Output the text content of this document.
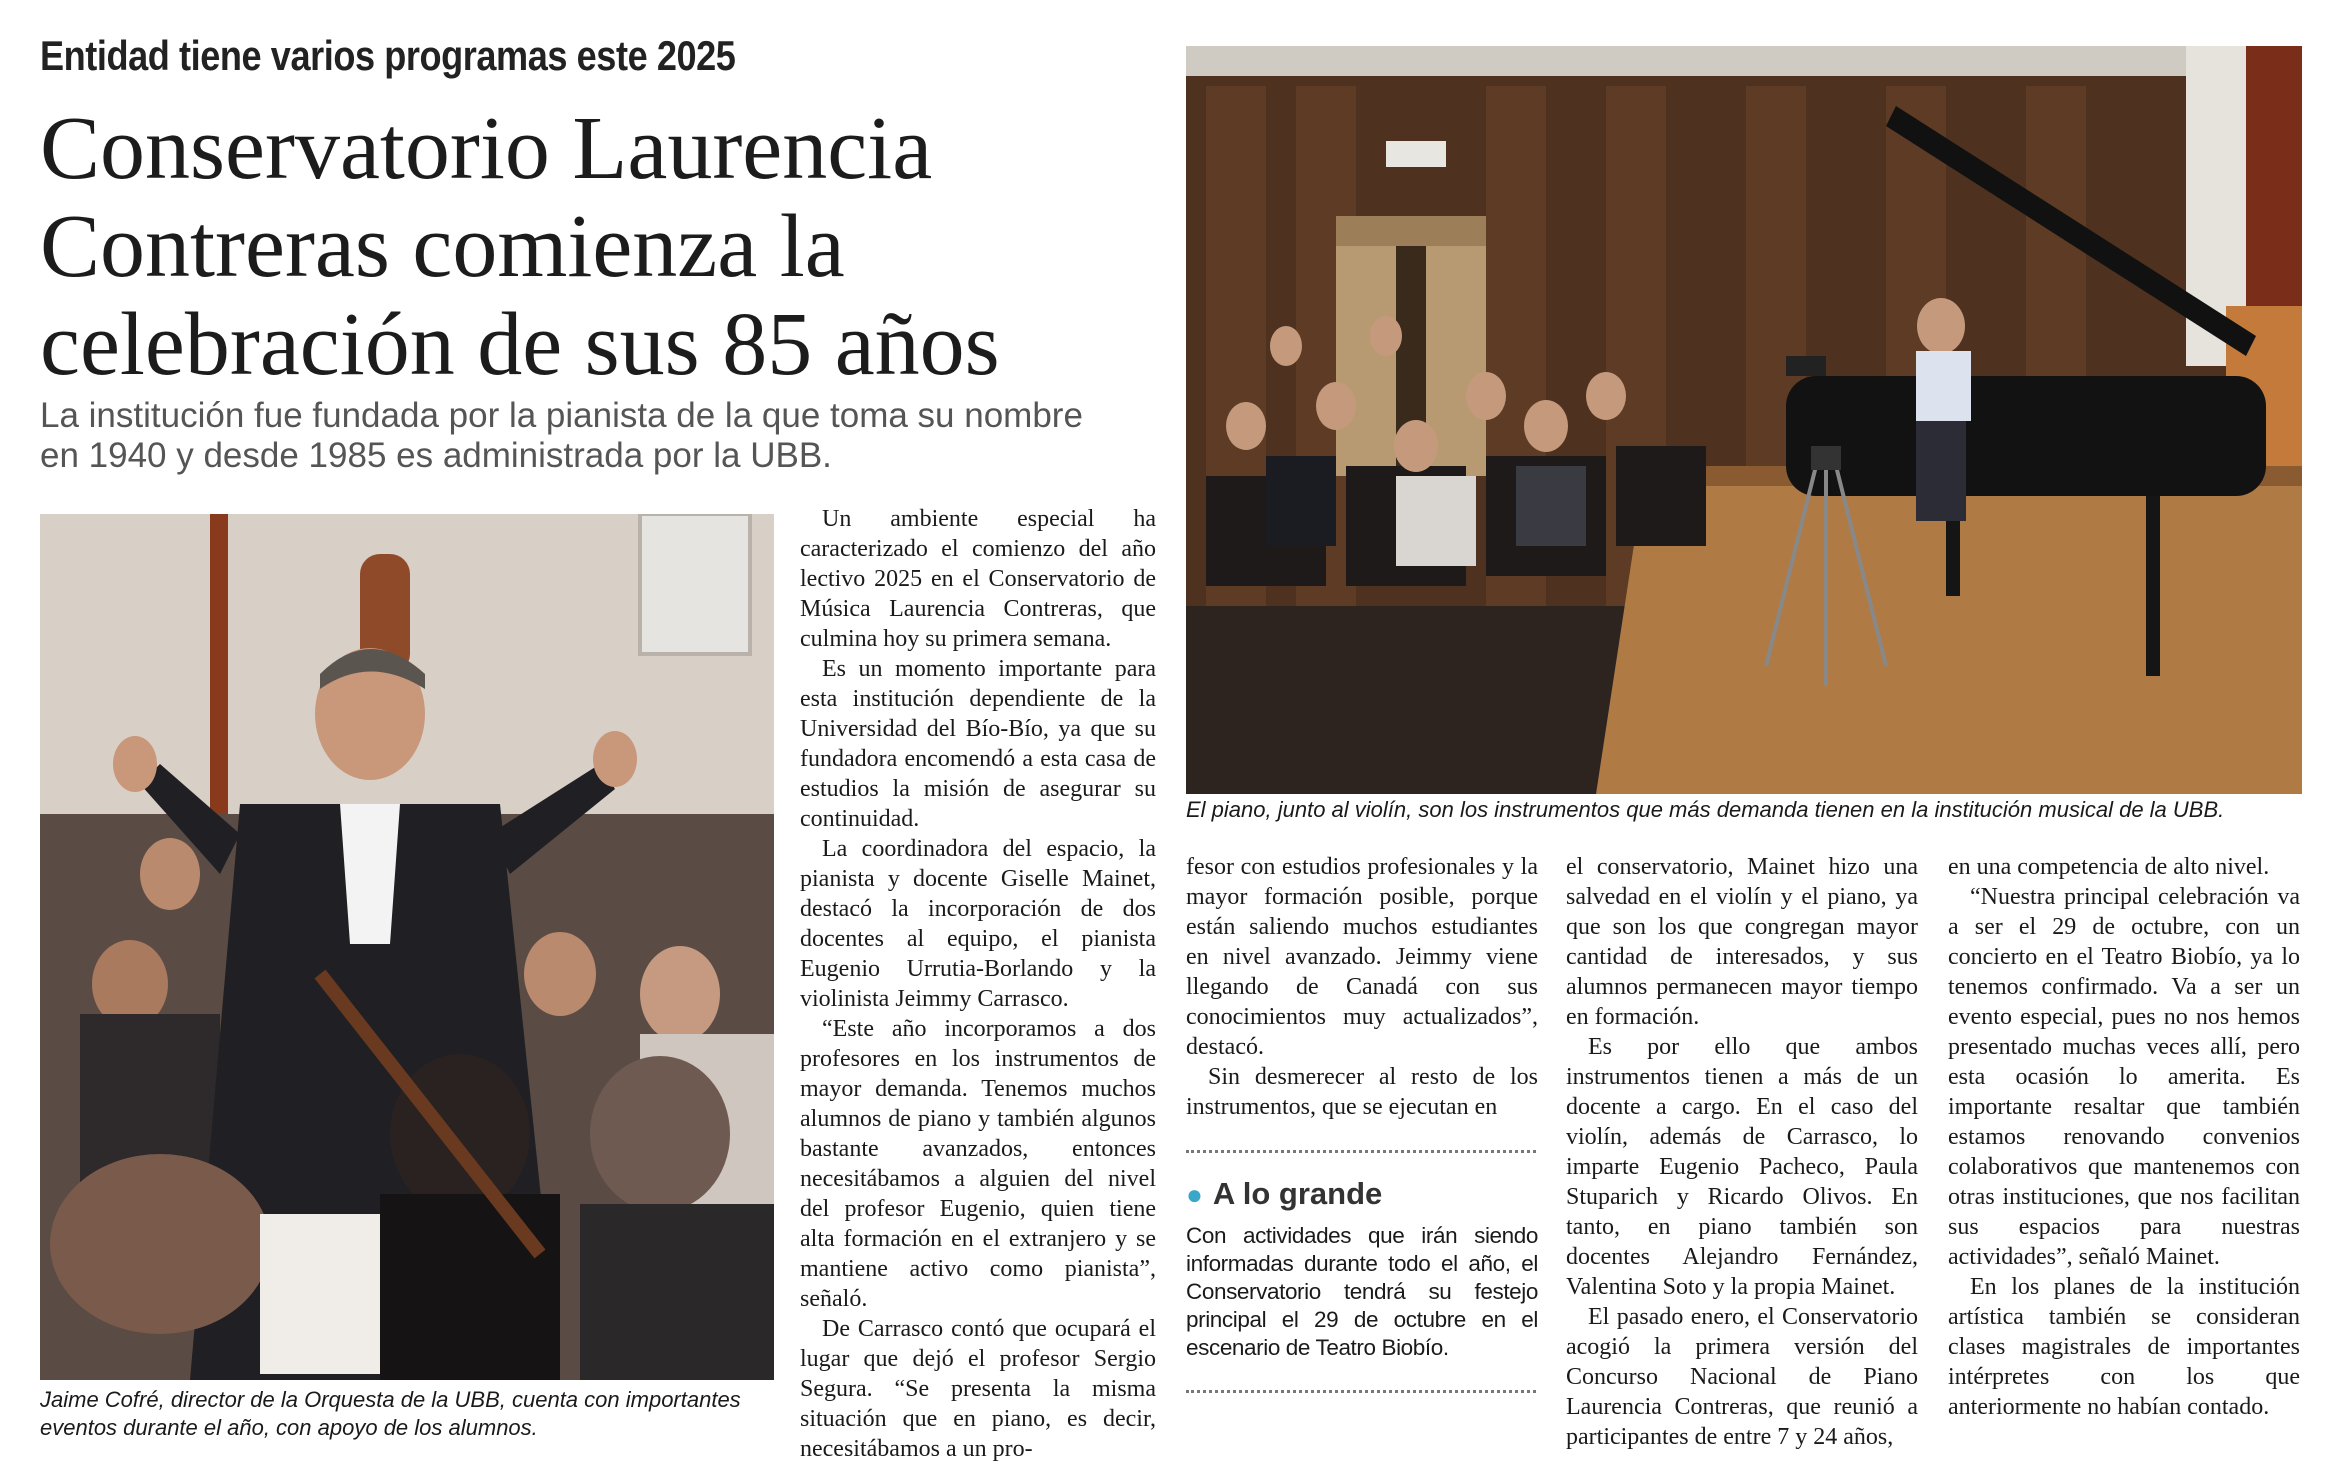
Entidad tiene varios programas este 2025
Conservatorio Laurencia
Contreras comienza la
celebración de sus 85 años
La institución fue fundada por la pianista de la que toma su nombre
en 1940 y desde 1985 es administrada por la UBB.
Jaime Cofré, director de la Orquesta de la UBB, cuenta con importantes eventos durante el año, con apoyo de los alumnos.
El piano, junto al violín, son los instrumentos que más demanda tienen en la institución musical de la UBB.

Un ambiente especial ha caracterizado el comienzo del año lectivo 2025 en el Conservatorio de Música Laurencia Contreras, que culmina hoy su primera semana.

Es un momento importante para esta institución dependiente de la Universidad del Bío-Bío, ya que su fundadora encomendó a esta casa de estudios la misión de asegurar su continuidad.

La coordinadora del espacio, la pianista y docente Giselle Mainet, destacó la incorporación de dos docentes al equipo, el pianista Eugenio Urrutia-Borlando y la violinista Jeimmy Carrasco.

“Este año incorporamos a dos profesores en los instrumentos de mayor demanda. Tenemos muchos alumnos de piano y también algunos bastante avanzados, entonces necesitábamos a alguien del nivel del profesor Eugenio, quien tiene alta formación en el extranjero y se mantiene activo como pianista”, señaló.

De Carrasco contó que ocupará el lugar que dejó el profesor Sergio Segura. “Se presenta la misma situación que en piano, es decir, necesitábamos a un pro-

fesor con estudios profesionales y la mayor formación posible, porque están saliendo muchos estudiantes en nivel avanzado. Jeimmy viene llegando de Canadá con sus conocimientos muy actualizados”, destacó.

Sin desmerecer al resto de los instrumentos, que se ejecutan en

● A lo grande
Con actividades que irán siendo informadas durante todo el año, el Conservatorio tendrá su festejo principal el 29 de octubre en el escenario de Teatro Biobío.

el conservatorio, Mainet hizo una salvedad en el violín y el piano, ya que son los que congregan mayor cantidad de interesados, y sus alumnos permanecen mayor tiempo en formación.

Es por ello que ambos instrumentos tienen a más de un docente a cargo. En el caso del violín, además de Carrasco, lo imparte Eugenio Pacheco, Paula Stuparich y Ricardo Olivos. En tanto, en piano también son docentes Alejandro Fernández, Valentina Soto y la propia Mainet.

El pasado enero, el Conservatorio acogió la primera versión del Concurso Nacional de Piano Laurencia Contreras, que reunió a participantes de entre 7 y 24 años,

en una competencia de alto nivel.

“Nuestra principal celebración va a ser el 29 de octubre, con un concierto en el Teatro Biobío, ya lo tenemos confirmado. Va a ser un evento especial, pues no nos hemos presentado muchas veces allí, pero esta ocasión lo amerita. Es importante resaltar que también estamos renovando convenios colaborativos que mantenemos con otras instituciones, que nos facilitan sus espacios para nuestras actividades”, señaló Mainet.

En los planes de la institución artística también se consideran clases magistrales de importantes intérpretes con los que anteriormente no habían contado.
